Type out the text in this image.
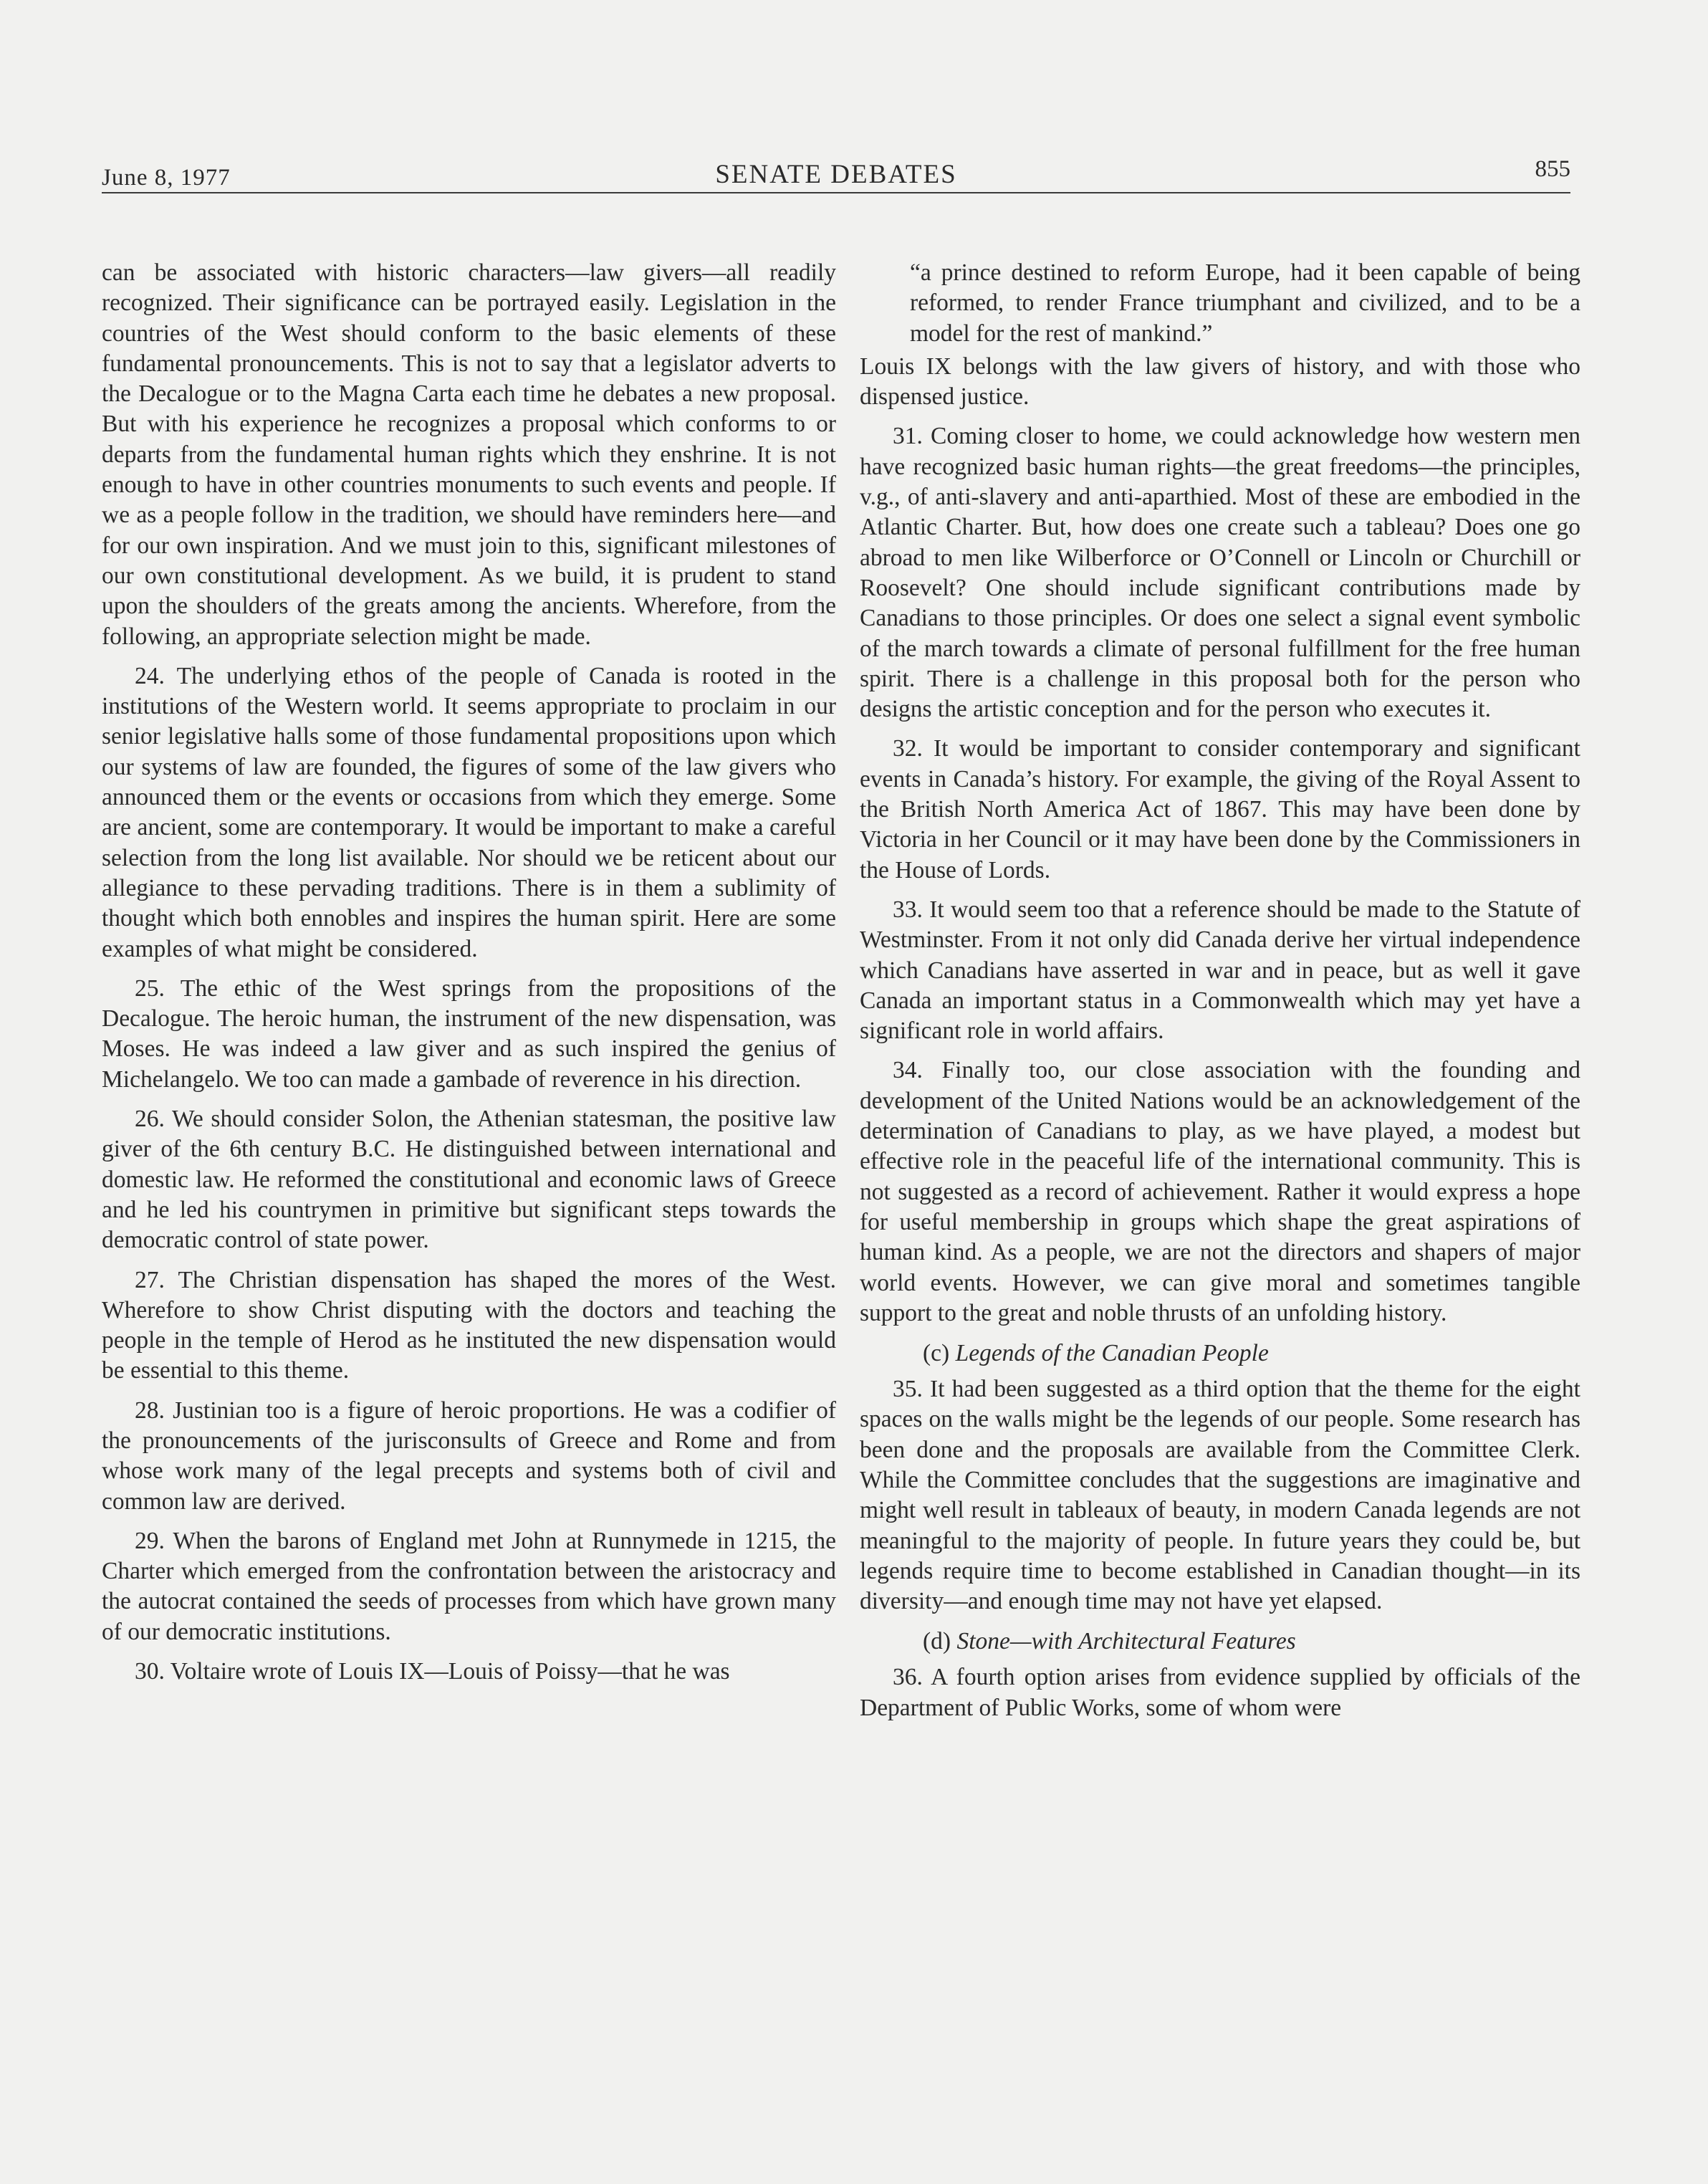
June 8, 1977	SENATE DEBATES	855

can be associated with historic characters—law givers—all readily recognized. Their significance can be portrayed easily. Legislation in the countries of the West should conform to the basic elements of these fundamental pronouncements. This is not to say that a legislator adverts to the Decalogue or to the Magna Carta each time he debates a new proposal. But with his experience he recognizes a proposal which conforms to or departs from the fundamental human rights which they enshrine. It is not enough to have in other countries monuments to such events and people. If we as a people follow in the tradition, we should have reminders here—and for our own inspiration. And we must join to this, significant milestones of our own constitutional development. As we build, it is prudent to stand upon the shoulders of the greats among the ancients. Wherefore, from the following, an appropriate selection might be made.

24. The underlying ethos of the people of Canada is rooted in the institutions of the Western world. It seems appropriate to proclaim in our senior legislative halls some of those fundamental propositions upon which our systems of law are founded, the figures of some of the law givers who announced them or the events or occasions from which they emerge. Some are ancient, some are contemporary. It would be important to make a careful selection from the long list available. Nor should we be reticent about our allegiance to these pervading traditions. There is in them a sublimity of thought which both ennobles and inspires the human spirit. Here are some examples of what might be considered.

25. The ethic of the West springs from the propositions of the Decalogue. The heroic human, the instrument of the new dispensation, was Moses. He was indeed a law giver and as such inspired the genius of Michelangelo. We too can made a gambade of reverence in his direction.

26. We should consider Solon, the Athenian statesman, the positive law giver of the 6th century B.C. He distinguished between international and domestic law. He reformed the constitutional and economic laws of Greece and he led his countrymen in primitive but significant steps towards the democratic control of state power.

27. The Christian dispensation has shaped the mores of the West. Wherefore to show Christ disputing with the doctors and teaching the people in the temple of Herod as he instituted the new dispensation would be essential to this theme.

28. Justinian too is a figure of heroic proportions. He was a codifier of the pronouncements of the jurisconsults of Greece and Rome and from whose work many of the legal precepts and systems both of civil and common law are derived.

29. When the barons of England met John at Runnymede in 1215, the Charter which emerged from the confrontation between the aristocracy and the autocrat contained the seeds of processes from which have grown many of our democratic institutions.

30. Voltaire wrote of Louis IX—Louis of Poissy—that he was

“a prince destined to reform Europe, had it been capable of being reformed, to render France triumphant and civilized, and to be a model for the rest of mankind.”

Louis IX belongs with the law givers of history, and with those who dispensed justice.

31. Coming closer to home, we could acknowledge how western men have recognized basic human rights—the great freedoms—the principles, v.g., of anti-slavery and anti-aparthied. Most of these are embodied in the Atlantic Charter. But, how does one create such a tableau? Does one go abroad to men like Wilberforce or O’Connell or Lincoln or Churchill or Roosevelt? One should include significant contributions made by Canadians to those principles. Or does one select a signal event symbolic of the march towards a climate of personal fulfillment for the free human spirit. There is a challenge in this proposal both for the person who designs the artistic conception and for the person who executes it.

32. It would be important to consider contemporary and significant events in Canada’s history. For example, the giving of the Royal Assent to the British North America Act of 1867. This may have been done by Victoria in her Council or it may have been done by the Commissioners in the House of Lords.

33. It would seem too that a reference should be made to the Statute of Westminster. From it not only did Canada derive her virtual independence which Canadians have asserted in war and in peace, but as well it gave Canada an important status in a Commonwealth which may yet have a significant role in world affairs.

34. Finally too, our close association with the founding and development of the United Nations would be an acknowledgement of the determination of Canadians to play, as we have played, a modest but effective role in the peaceful life of the international community. This is not suggested as a record of achievement. Rather it would express a hope for useful membership in groups which shape the great aspirations of human kind. As a people, we are not the directors and shapers of major world events. However, we can give moral and sometimes tangible support to the great and noble thrusts of an unfolding history.

(c) Legends of the Canadian People

35. It had been suggested as a third option that the theme for the eight spaces on the walls might be the legends of our people. Some research has been done and the proposals are available from the Committee Clerk. While the Committee concludes that the suggestions are imaginative and might well result in tableaux of beauty, in modern Canada legends are not meaningful to the majority of people. In future years they could be, but legends require time to become established in Canadian thought—in its diversity—and enough time may not have yet elapsed.

(d) Stone—with Architectural Features

36. A fourth option arises from evidence supplied by officials of the Department of Public Works, some of whom were
